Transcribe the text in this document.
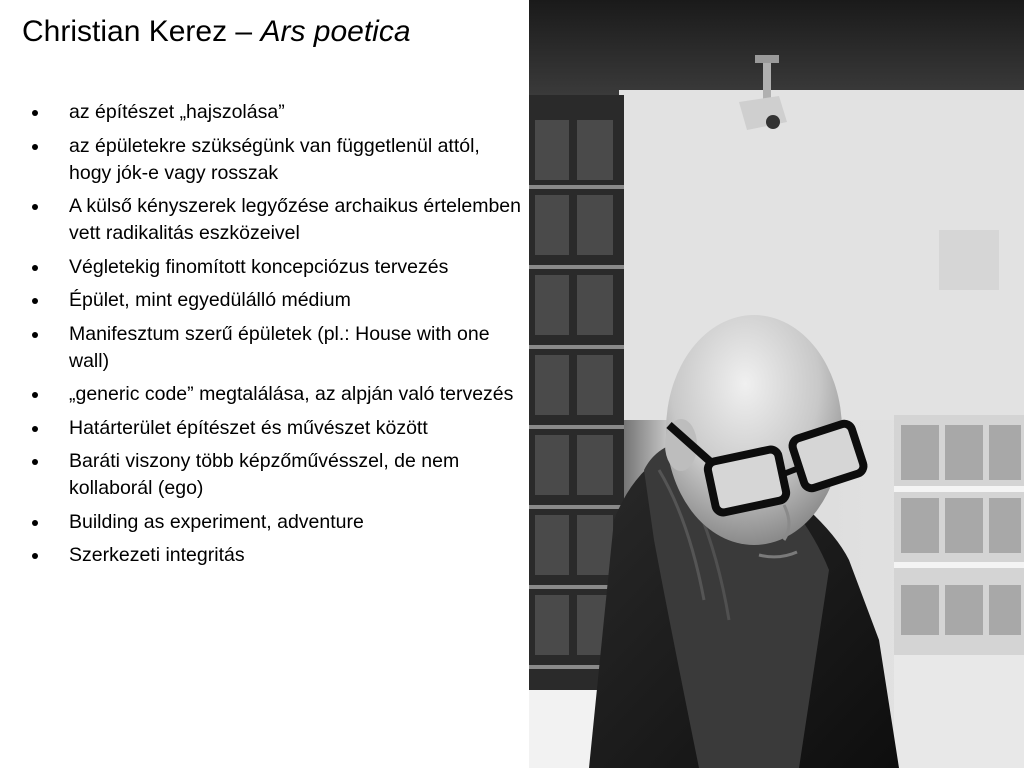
Christian Kerez – Ars poetica
az építészet „hajszolása”
az épületekre szükségünk van függetlenül attól, hogy jók-e vagy rosszak
A külső kényszerek legyőzése archaikus értelemben vett radikalitás eszközeivel
Végletekig finomított koncepciózus tervezés
Épület, mint egyedülálló médium
Manifesztum szerű épületek (pl.: House with one wall)
„generic code” megtalálása, az alpján való tervezés
Határterület építészet és művészet között
Baráti viszony több képzőművésszel, de nem kollaborál (ego)
Building as experiment, adventure
Szerkezeti integritás
